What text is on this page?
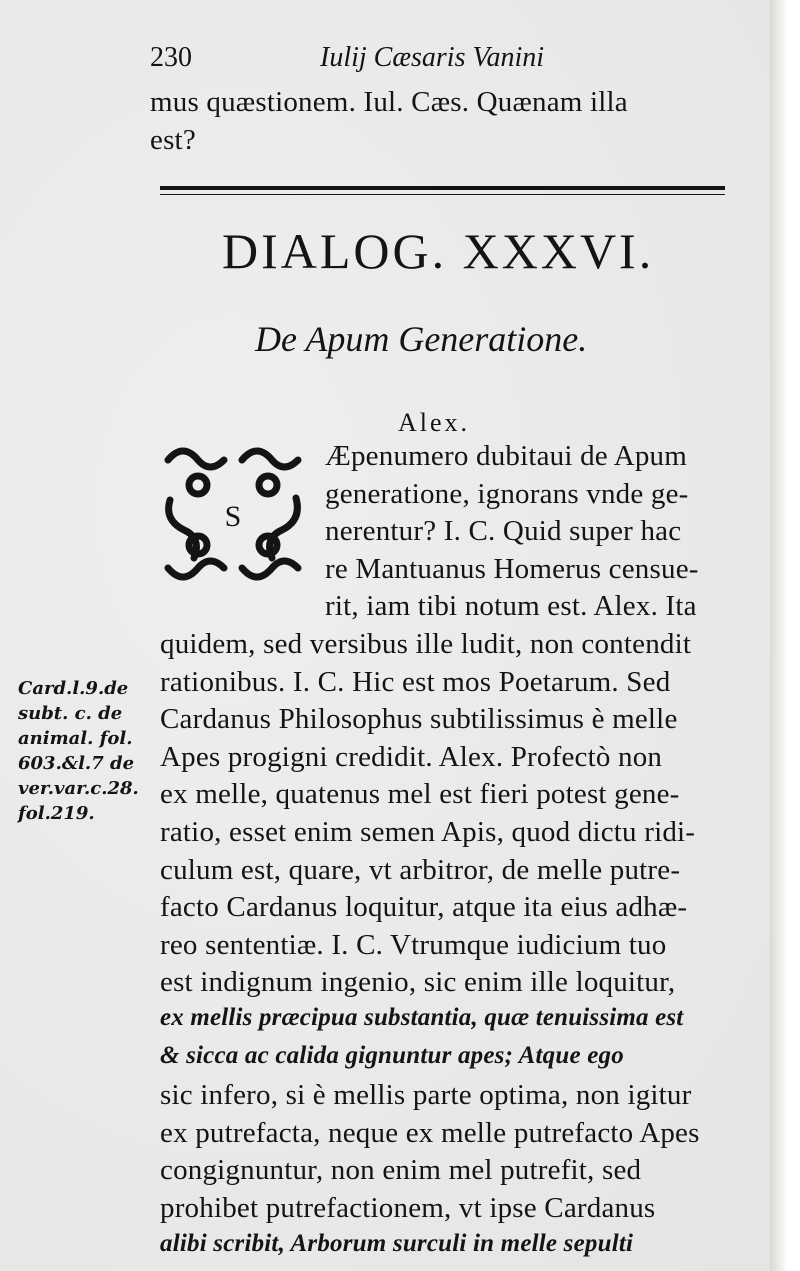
230	Iulij Cæsaris Vanini
mus quæstionem. Iul. Cæs. Quænam illa
est?
DIALOG. XXXVI.
De Apum Generatione.
Alex.
S
Æpenumero dubitaui de Apum
generatione, ignorans vnde ge-
nerentur? I. C. Quid super hac
re Mantuanus Homerus censue-
rit, iam tibi notum est. Alex. Ita
quidem, sed versibus ille ludit, non contendit
rationibus. I. C. Hic est mos Poetarum. Sed
Cardanus Philosophus subtilissimus è melle
Apes progigni credidit. Alex. Profectò non
ex melle, quatenus mel est fieri potest gene-
ratio, esset enim semen Apis, quod dictu ridi-
culum est, quare, vt arbitror, de melle putre-
facto Cardanus loquitur, atque ita eius adhæ-
reo sententiæ. I. C. Vtrumque iudicium tuo
est indignum ingenio, sic enim ille loquitur,
ex mellis præcipua substantia, quæ tenuissima est
& sicca ac calida gignuntur apes; Atque ego
sic infero, si è mellis parte optima, non igitur
ex putrefacta, neque ex melle putrefacto Apes
congignuntur, non enim mel putrefit, sed
prohibet putrefactionem, vt ipse Cardanus
alibi scribit, Arborum surculi in melle sepulti
Card.l.9.de
subt. c. de
animal. fol.
603.&l.7 de
ver.var.c.28.
fol.219.
